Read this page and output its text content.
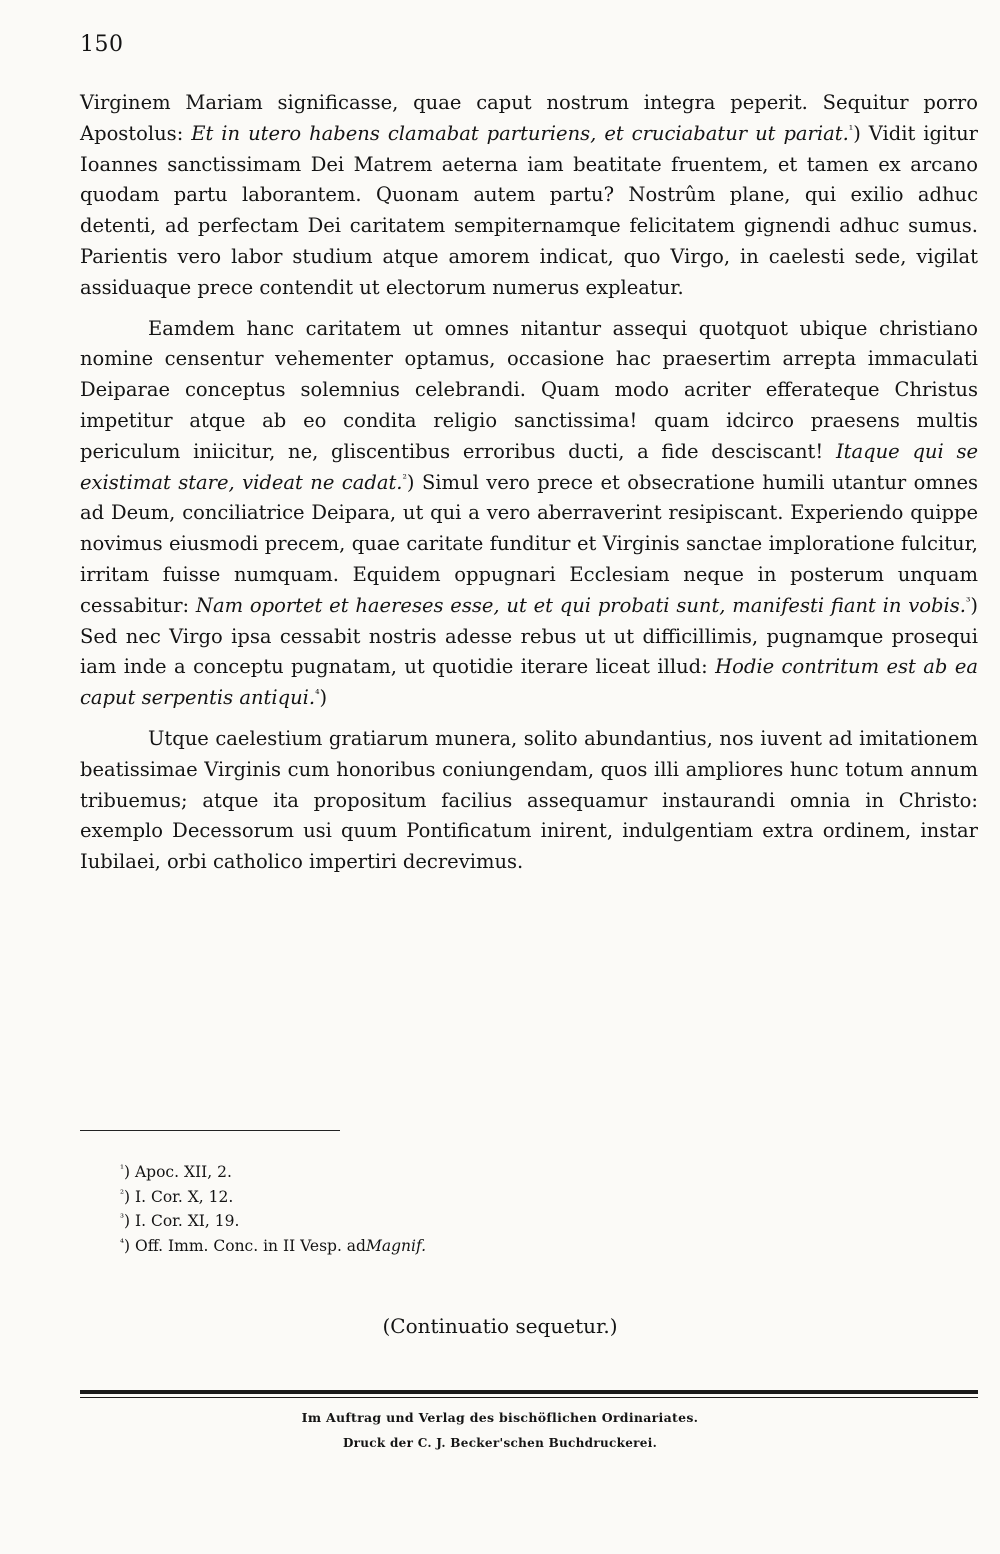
150

Virginem Mariam significasse, quae caput nostrum integra peperit. Sequitur porro Apostolus: Et in utero habens clamabat parturiens, et cruciabatur ut pariat.$^{^1}$) Vidit igitur Ioannes sanctissimam Dei Matrem aeterna iam beatitate fruentem, et tamen ex arcano quodam partu laborantem. Quonam autem partu? Nostrûm plane, qui exilio adhuc detenti, ad perfectam Dei caritatem sempiternamque felicitatem gignendi adhuc sumus. Parientis vero labor studium atque amorem indicat, quo Virgo, in caelesti sede, vigilat assiduaque prece contendit ut electorum numerus expleatur.

Eamdem hanc caritatem ut omnes nitantur assequi quotquot ubique christiano nomine censentur vehementer optamus, occasione hac praesertim arrepta immaculati Deiparae conceptus solemnius celebrandi. Quam modo acriter efferateque Christus impetitur atque ab eo condita religio sanctissima! quam idcirco praesens multis periculum iniicitur, ne, gliscentibus erroribus ducti, a fide desciscant! Itaque qui se existimat stare, videat ne cadat.$^{^2}$) Simul vero prece et obsecratione humili utantur omnes ad Deum, conciliatrice Deipara, ut qui a vero aberraverint resipiscant. Experiendo quippe novimus eiusmodi precem, quae caritate funditur et Virginis sanctae imploratione fulcitur, irritam fuisse numquam. Equidem oppugnari Ecclesiam neque in posterum unquam cessabitur: Nam oportet et haereses esse, ut et qui probati sunt, manifesti fiant in vobis.$^{^3}$) Sed nec Virgo ipsa cessabit nostris adesse rebus ut ut difficillimis, pugnamque prosequi iam inde a conceptu pugnatam, ut quotidie iterare liceat illud: Hodie contritum est ab ea caput serpentis antiqui.$^{^4}$)

Utque caelestium gratiarum munera, solito abundantius, nos iuvent ad imitationem beatissimae Virginis cum honoribus coniungendam, quos illi ampliores hunc totum annum tribuemus; atque ita propositum facilius assequamur instaurandi omnia in Christo: exemplo Decessorum usi quum Pontificatum inirent, indulgentiam extra ordinem, instar Iubilaei, orbi catholico impertiri decrevimus.

$^{^1}$) Apoc. XII, 2.
$^{^2}$) I. Cor. X, 12.
$^{^3}$) I. Cor. XI, 19.
$^{^4}$) Off. Imm. Conc. in II Vesp. adMagnif.
(Continuatio sequetur.)
Im Auftrag und Verlag des bischöflichen Ordinariates.
Druck der C. J. Becker'schen Buchdruckerei.
